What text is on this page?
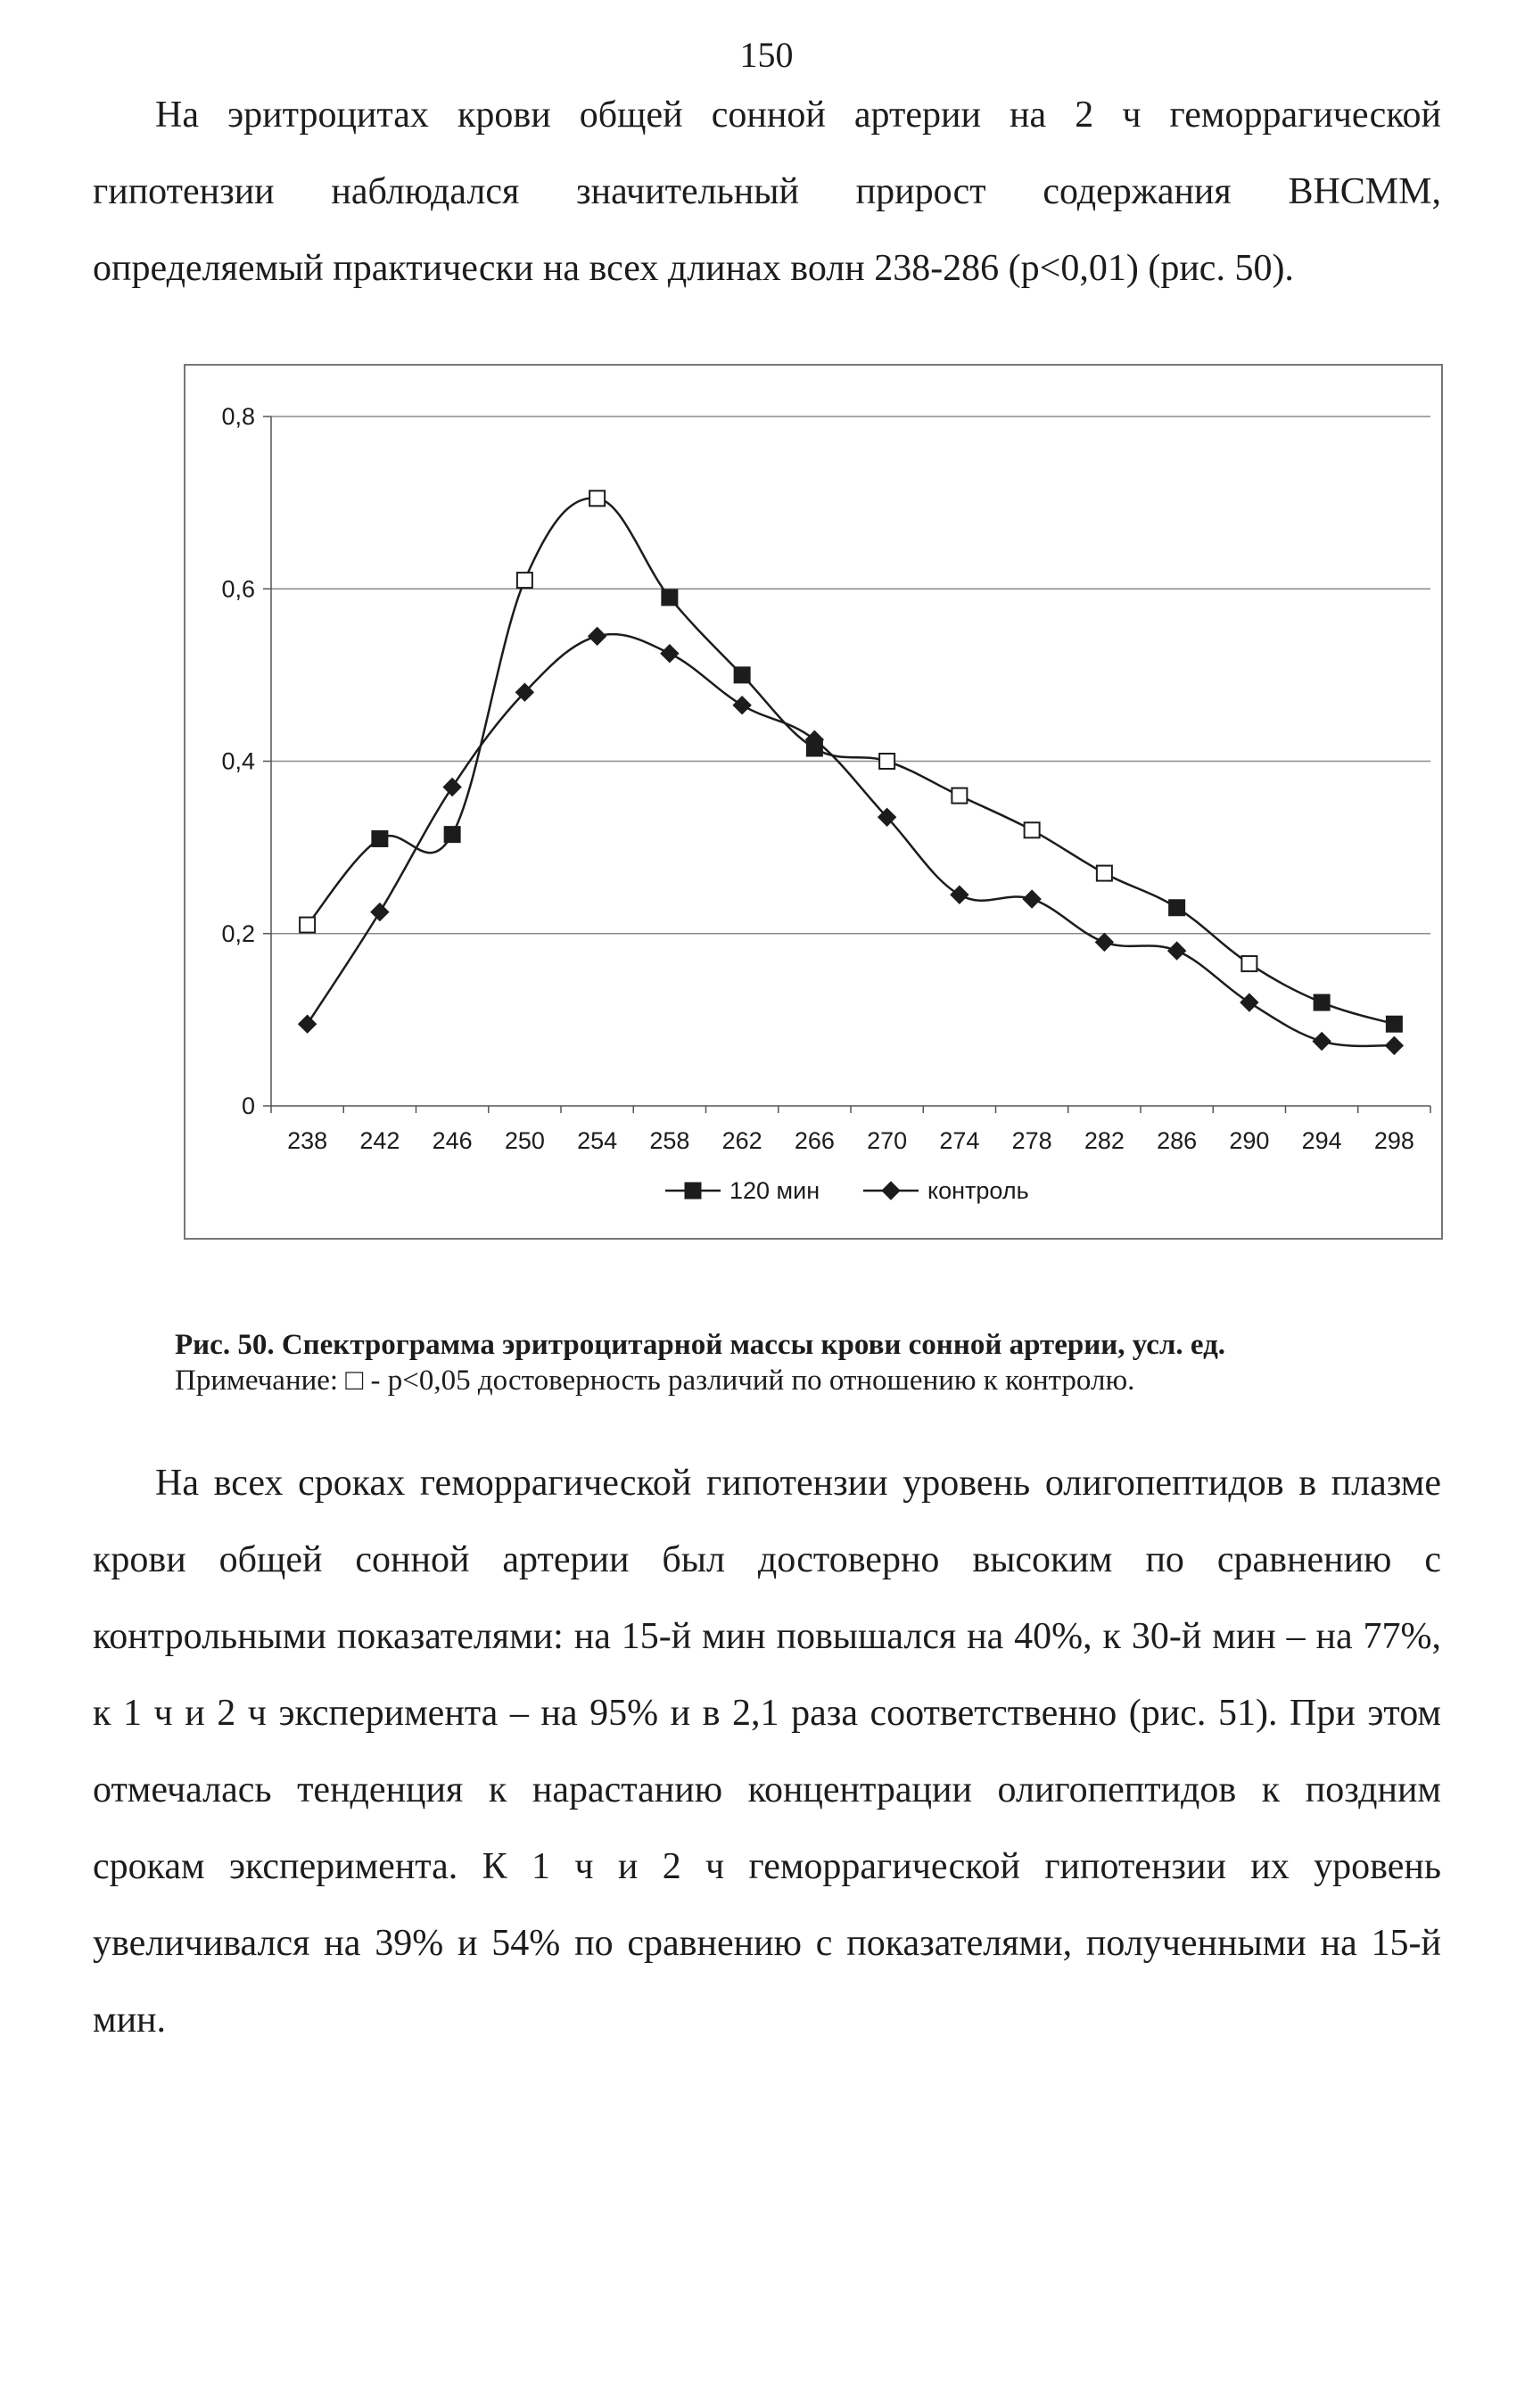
150

На эритроцитах крови общей сонной артерии на 2 ч геморрагической гипотензии наблюдался значительный прирост содержания ВНСММ, определяемый практически на всех длинах волн 238-286 (p<0,01) (рис. 50).

0
0,2
0,4
0,6
0,8
238 242 246 250 254 258 262 266 270 274 278 282 286 290 294 298
120 мин	контроль
Рис. 50. Спектрограмма эритроцитарной массы крови сонной артерии, усл. ед.
Примечание: □ - p<0,05 достоверность различий по отношению к контролю.

На всех сроках геморрагической гипотензии уровень олигопептидов в плазме крови общей сонной артерии был достоверно высоким по сравнению с контрольными показателями: на 15-й мин повышался на 40%, к 30-й мин – на 77%, к 1 ч и 2 ч эксперимента – на 95% и в 2,1 раза соответственно (рис. 51). При этом отмечалась тенденция к нарастанию концентрации олигопептидов к поздним срокам эксперимента. К 1 ч и 2 ч геморрагической гипотензии их уровень увеличивался на 39% и 54% по сравнению с показателями, полученными на 15-й мин.
